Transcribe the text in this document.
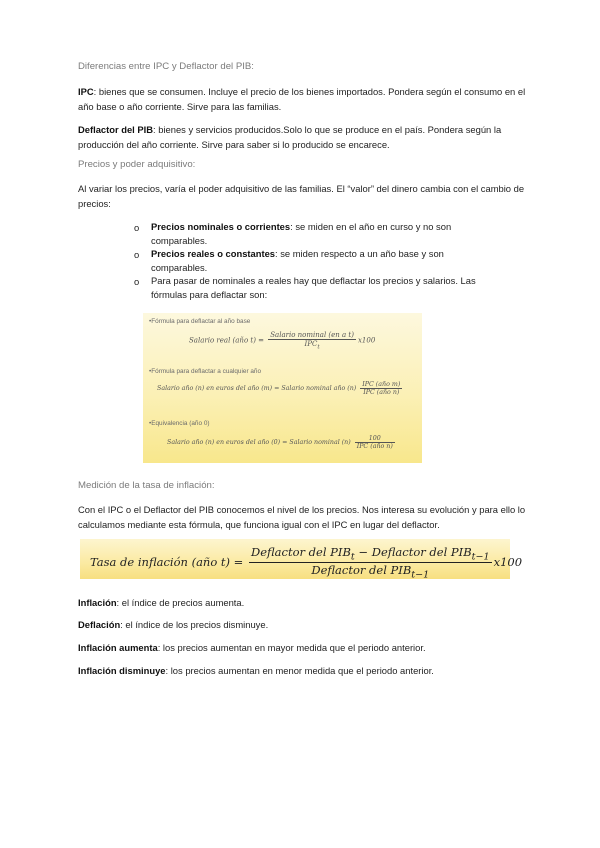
Diferencias entre IPC y Deflactor del PIB:
IPC: bienes que se consumen. Incluye el precio de los bienes importados. Pondera según el consumo en el año base o año corriente. Sirve para las familias.
Deflactor del PIB: bienes y servicios producidos.Solo lo que se produce en el país. Pondera según la producción del año corriente. Sirve para saber si lo producido se encarece.
Precios y poder adquisitivo:
Al variar los precios, varía el poder adquisitivo de las familias. El “valor” del dinero cambia con el cambio de precios:
o Precios nominales o corrientes: se miden en el año en curso y no son comparables.
o Precios reales o constantes: se miden respecto a un año base y son comparables.
o Para pasar de nominales a reales hay que deflactar los precios y salarios. Las fórmulas para deflactar son:
•Fórmula para deflactar al año base
Salario real (año $t) = \frac{\text{Salario nominal (en a t)}}{IPC_t} x100$
•Fórmula para deflactar a cualquier año
Salario año (n) en euros del año (m) = Salario nominal año $(n) \frac{\text{IPC (año m)}}{\text{IPC (año n)}}$
•Equivalencia (año 0)
Salario año (n) en euros del año (0) = Salario nominal $(n) \frac{100}{\text{IPC (año n)}}$
Medición de la tasa de inflación:
Con el IPC o el Deflactor del PIB conocemos el nivel de los precios. Nos interesa su evolución y para ello lo calculamos mediante esta fórmula, que funciona igual con el IPC en lugar del deflactor.
Tasa de inflación (año $t) = \frac{Deflactor del PIB_t - Deflactor del PIB_{t-1}}{Deflactor del PIB_{t-1}} x100$
Inflación: el índice de precios aumenta.
Deflación: el índice de los precios disminuye.
Inflación aumenta: los precios aumentan en mayor medida que el periodo anterior.
Inflación disminuye: los precios aumentan en menor medida que el periodo anterior.
